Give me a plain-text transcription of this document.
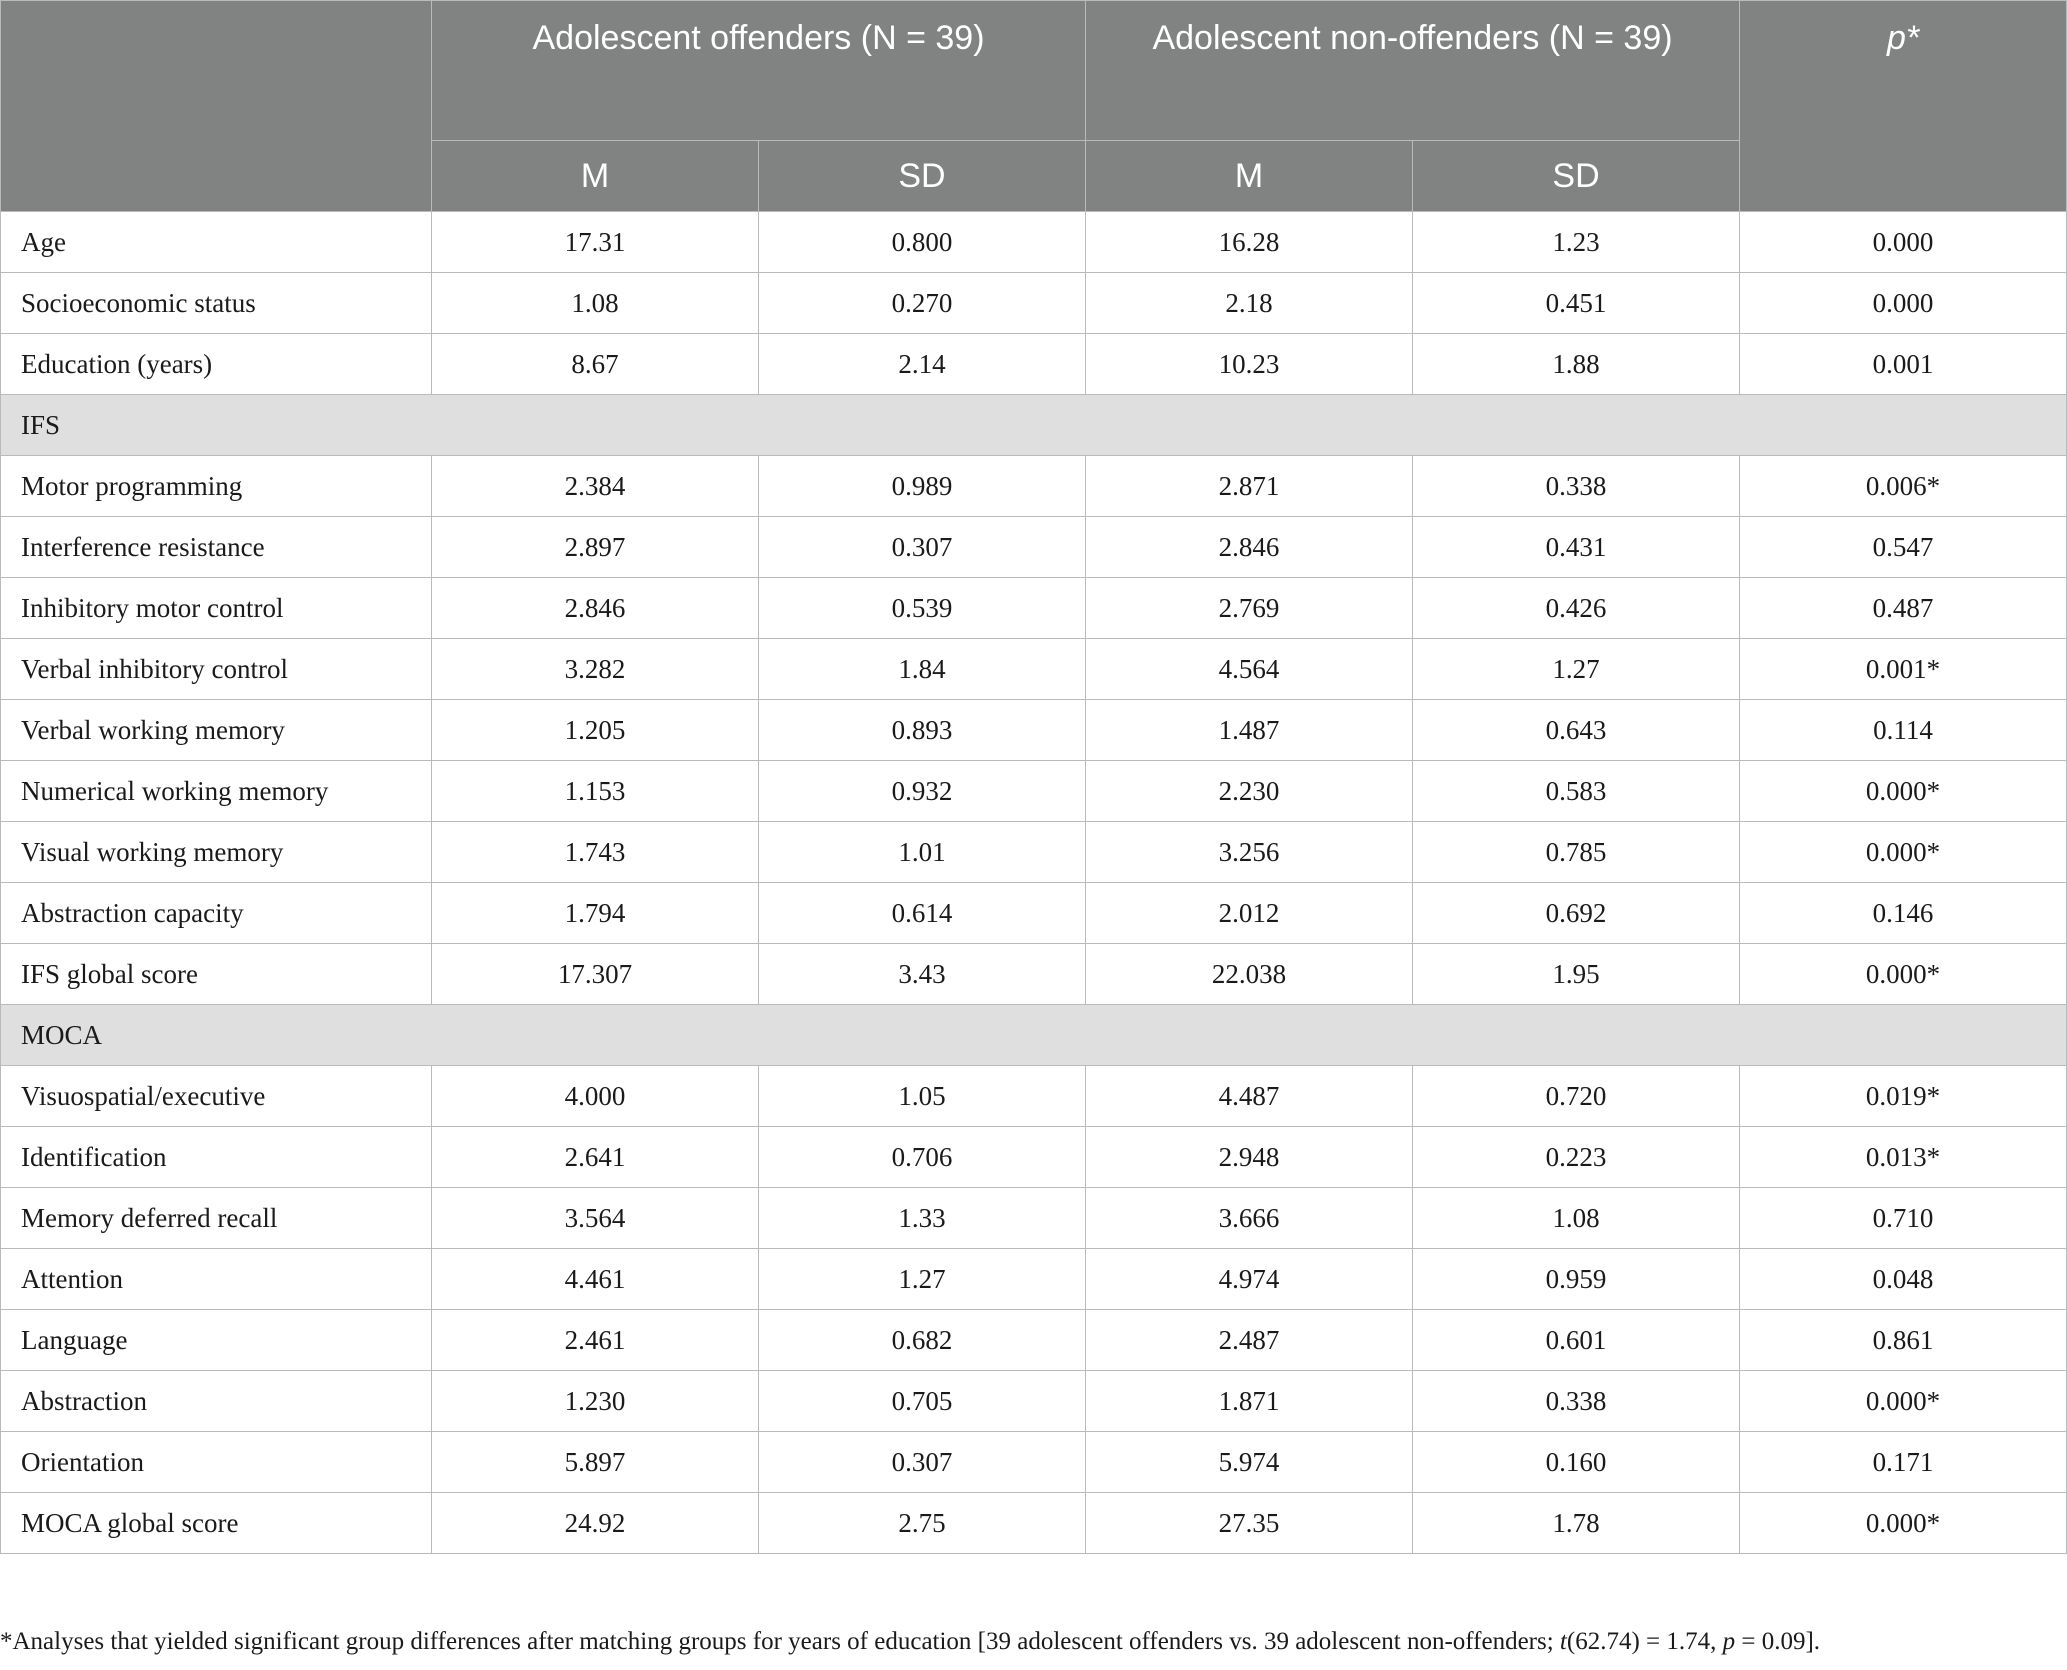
	Adolescent offenders (N = 39)		Adolescent non-offenders (N = 39)		p*
	M	SD	M	SD	
Age	17.31	0.800	16.28	1.23	0.000
Socioeconomic status	1.08	0.270	2.18	0.451	0.000
Education (years)	8.67	2.14	10.23	1.88	0.001
IFS					
Motor programming	2.384	0.989	2.871	0.338	0.006*
Interference resistance	2.897	0.307	2.846	0.431	0.547
Inhibitory motor control	2.846	0.539	2.769	0.426	0.487
Verbal inhibitory control	3.282	1.84	4.564	1.27	0.001*
Verbal working memory	1.205	0.893	1.487	0.643	0.114
Numerical working memory	1.153	0.932	2.230	0.583	0.000*
Visual working memory	1.743	1.01	3.256	0.785	0.000*
Abstraction capacity	1.794	0.614	2.012	0.692	0.146
IFS global score	17.307	3.43	22.038	1.95	0.000*
MOCA					
Visuospatial/executive	4.000	1.05	4.487	0.720	0.019*
Identification	2.641	0.706	2.948	0.223	0.013*
Memory deferred recall	3.564	1.33	3.666	1.08	0.710
Attention	4.461	1.27	4.974	0.959	0.048
Language	2.461	0.682	2.487	0.601	0.861
Abstraction	1.230	0.705	1.871	0.338	0.000*
Orientation	5.897	0.307	5.974	0.160	0.171
MOCA global score	24.92	2.75	27.35	1.78	0.000*
*Analyses that yielded significant group differences after matching groups for years of education [39 adolescent offenders vs. 39 adolescent non-offenders; t(62.74) = 1.74, p = 0.09].
